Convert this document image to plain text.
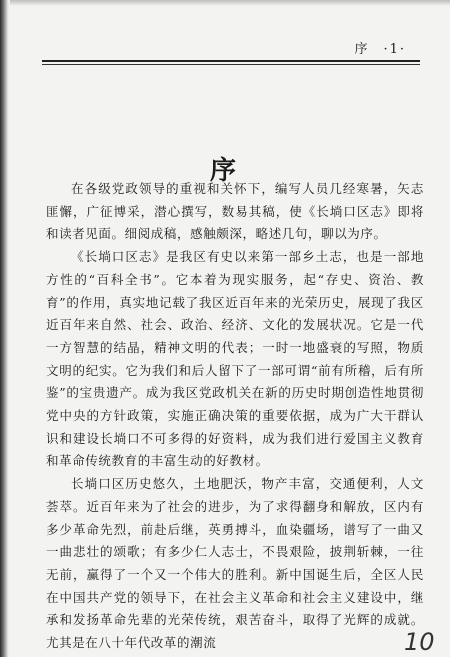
序 ·1·
序

在各级党政领导的重视和关怀下，编写人员几经寒暑，矢志匪懈，广征博采，潜心撰写，数易其稿，使《长埫口区志》即将和读者见面。细阅成稿，感触颇深，略述几句，聊以为序。

《长埫口区志》是我区有史以来第一部乡土志，也是一部地方性的“百科全书”。它本着为现实服务，起“存史、资治、教育”的作用，真实地记载了我区近百年来的光荣历史，展现了我区近百年来自然、社会、政治、经济、文化的发展状况。它是一代一方智慧的结晶，精神文明的代表；一时一地盛衰的写照，物质文明的纪实。它为我们和后人留下了一部可谓“前有所稽，后有所鉴”的宝贵遗产。成为我区党政机关在新的历史时期创造性地贯彻党中央的方针政策，实施正确决策的重要依据，成为广大干群认识和建设长埫口不可多得的好资料，成为我们进行爱国主义教育和革命传统教育的丰富生动的好教材。

长埫口区历史悠久，土地肥沃，物产丰富，交通便利，人文荟萃。近百年来为了社会的进步，为了求得翻身和解放，区内有多少革命先烈，前赴后继，英勇搏斗，血染疆场，谱写了一曲又一曲悲壮的颂歌；有多少仁人志士，不畏艰险，披荆斩棘，一往无前，赢得了一个又一个伟大的胜利。新中国诞生后，全区人民在中国共产党的领导下，在社会主义革命和社会主义建设中，继承和发扬革命先辈的光荣传统，艰苦奋斗，取得了光辉的成就。尤其是在八十年代改革的潮流	10
